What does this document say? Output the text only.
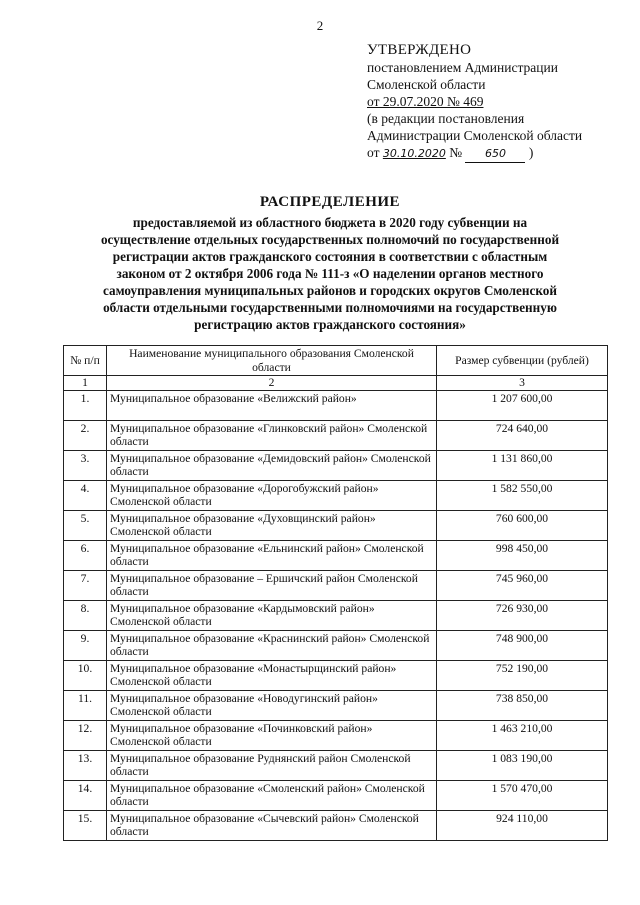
2
УТВЕРЖДЕНО
постановлением Администрации
Смоленской области
от 29.07.2020 № 469
(в редакции постановления
Администрации Смоленской области
от 30.10.2020 № 650 )
РАСПРЕДЕЛЕНИЕ
предоставляемой из областного бюджета в 2020 году субвенции на
осуществление отдельных государственных полномочий по государственной
регистрации актов гражданского состояния в соответствии с областным
законом от 2 октября 2006 года № 111-з «О наделении органов местного
самоуправления муниципальных районов и городских округов Смоленской
области отдельными государственными полномочиями на государственную
регистрацию актов гражданского состояния»
№ п/п	Наименование муниципального образования Смоленской области	Размер субвенции (рублей)
1	2	3
1.	Муниципальное образование «Велижский район»	1 207 600,00
2.	Муниципальное образование «Глинковский район» Смоленской области	724 640,00
3.	Муниципальное образование «Демидовский район» Смоленской области	1 131 860,00
4.	Муниципальное образование «Дорогобужский район» Смоленской области	1 582 550,00
5.	Муниципальное образование «Духовщинский район» Смоленской области	760 600,00
6.	Муниципальное образование «Ельнинский район» Смоленской области	998 450,00
7.	Муниципальное образование – Ершичский район Смоленской области	745 960,00
8.	Муниципальное образование «Кардымовский район» Смоленской области	726 930,00
9.	Муниципальное образование «Краснинский район» Смоленской области	748 900,00
10.	Муниципальное образование «Монастырщинский район» Смоленской области	752 190,00
11.	Муниципальное образование «Новодугинский район» Смоленской области	738 850,00
12.	Муниципальное образование «Починковский район» Смоленской области	1 463 210,00
13.	Муниципальное образование Руднянский район Смоленской области	1 083 190,00
14.	Муниципальное образование «Смоленский район» Смоленской области	1 570 470,00
15.	Муниципальное образование «Сычевский район» Смоленской области	924 110,00
